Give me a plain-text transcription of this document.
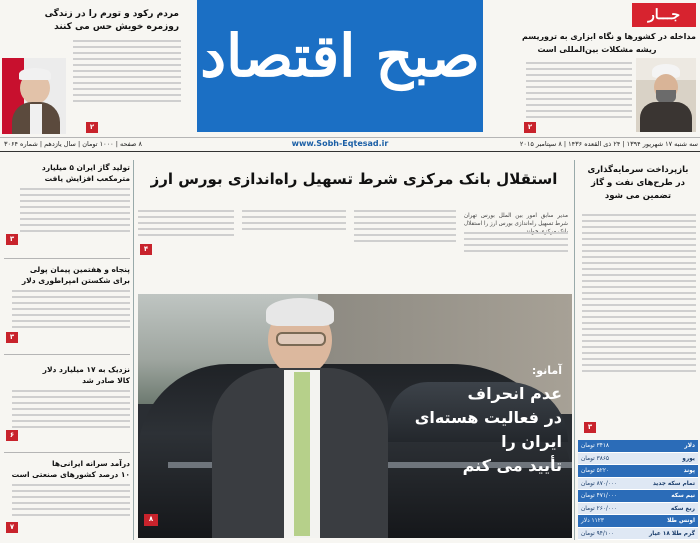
مردم رکود و تورم را در زندگی
روزمره خویش حس می کنند
۲
صبح اقتصاد
www.Sobh-Eqtesad.ir
جـــار
مداخله در کشورها و نگاه ابزاری به تروریسم
ریشه مشکلات بین‌المللی است
۲
سه شنبه ۱۷ شهریور ۱۳۹۴ | ۲۴ ذی القعده ۱۴۳۶ | ۸ سپتامبر ۲۰۱۵
۸ صفحه | ۱۰۰۰ تومان | سال یازدهم | شماره ۳۰۶۴
تولید گاز ایران ۵ میلیارد
مترمکعب افزایش یافت
۳
پنجاه و هفتمین پیمان پولی
برای شکستن امپراطوری دلار
۳
نزدیک به ۱۷ میلیارد دلار
کالا صادر شد
۶
درآمد سرانه ایرانی‌ها
۱۰ درصد کشورهای صنعتی است
۷
استقلال بانک مرکزی شرط تسهیل راه‌اندازی بورس ارز
مدیر سابق امور بین الملل بورس تهران شرط تسهیل راه‌اندازی بورس ارز را استقلال
۴
بازپرداخت سرمایه‌گذاری
در طرح‌های نفت و گاز
تضمین می شود
۳
دلار
۳۴۱۸ تومان
یورو
۳۸۶۵ تومان
پوند
۵۲۲۰ تومان
تمام سکه جدید
۸۷۰/۰۰۰ تومان
نیم سکه
۴۷۱/۰۰۰ تومان
ربع سکه
۲۶۰/۰۰۰ تومان
اونس طلا
۱۱۲۳ دلار
گرم طلا ۱۸ عیار
۹۴/۱۰۰ تومان
آمانو:
عدم انحراف
در فعالیت هسته‌ای ایران را
تأیید می کنم
۸
